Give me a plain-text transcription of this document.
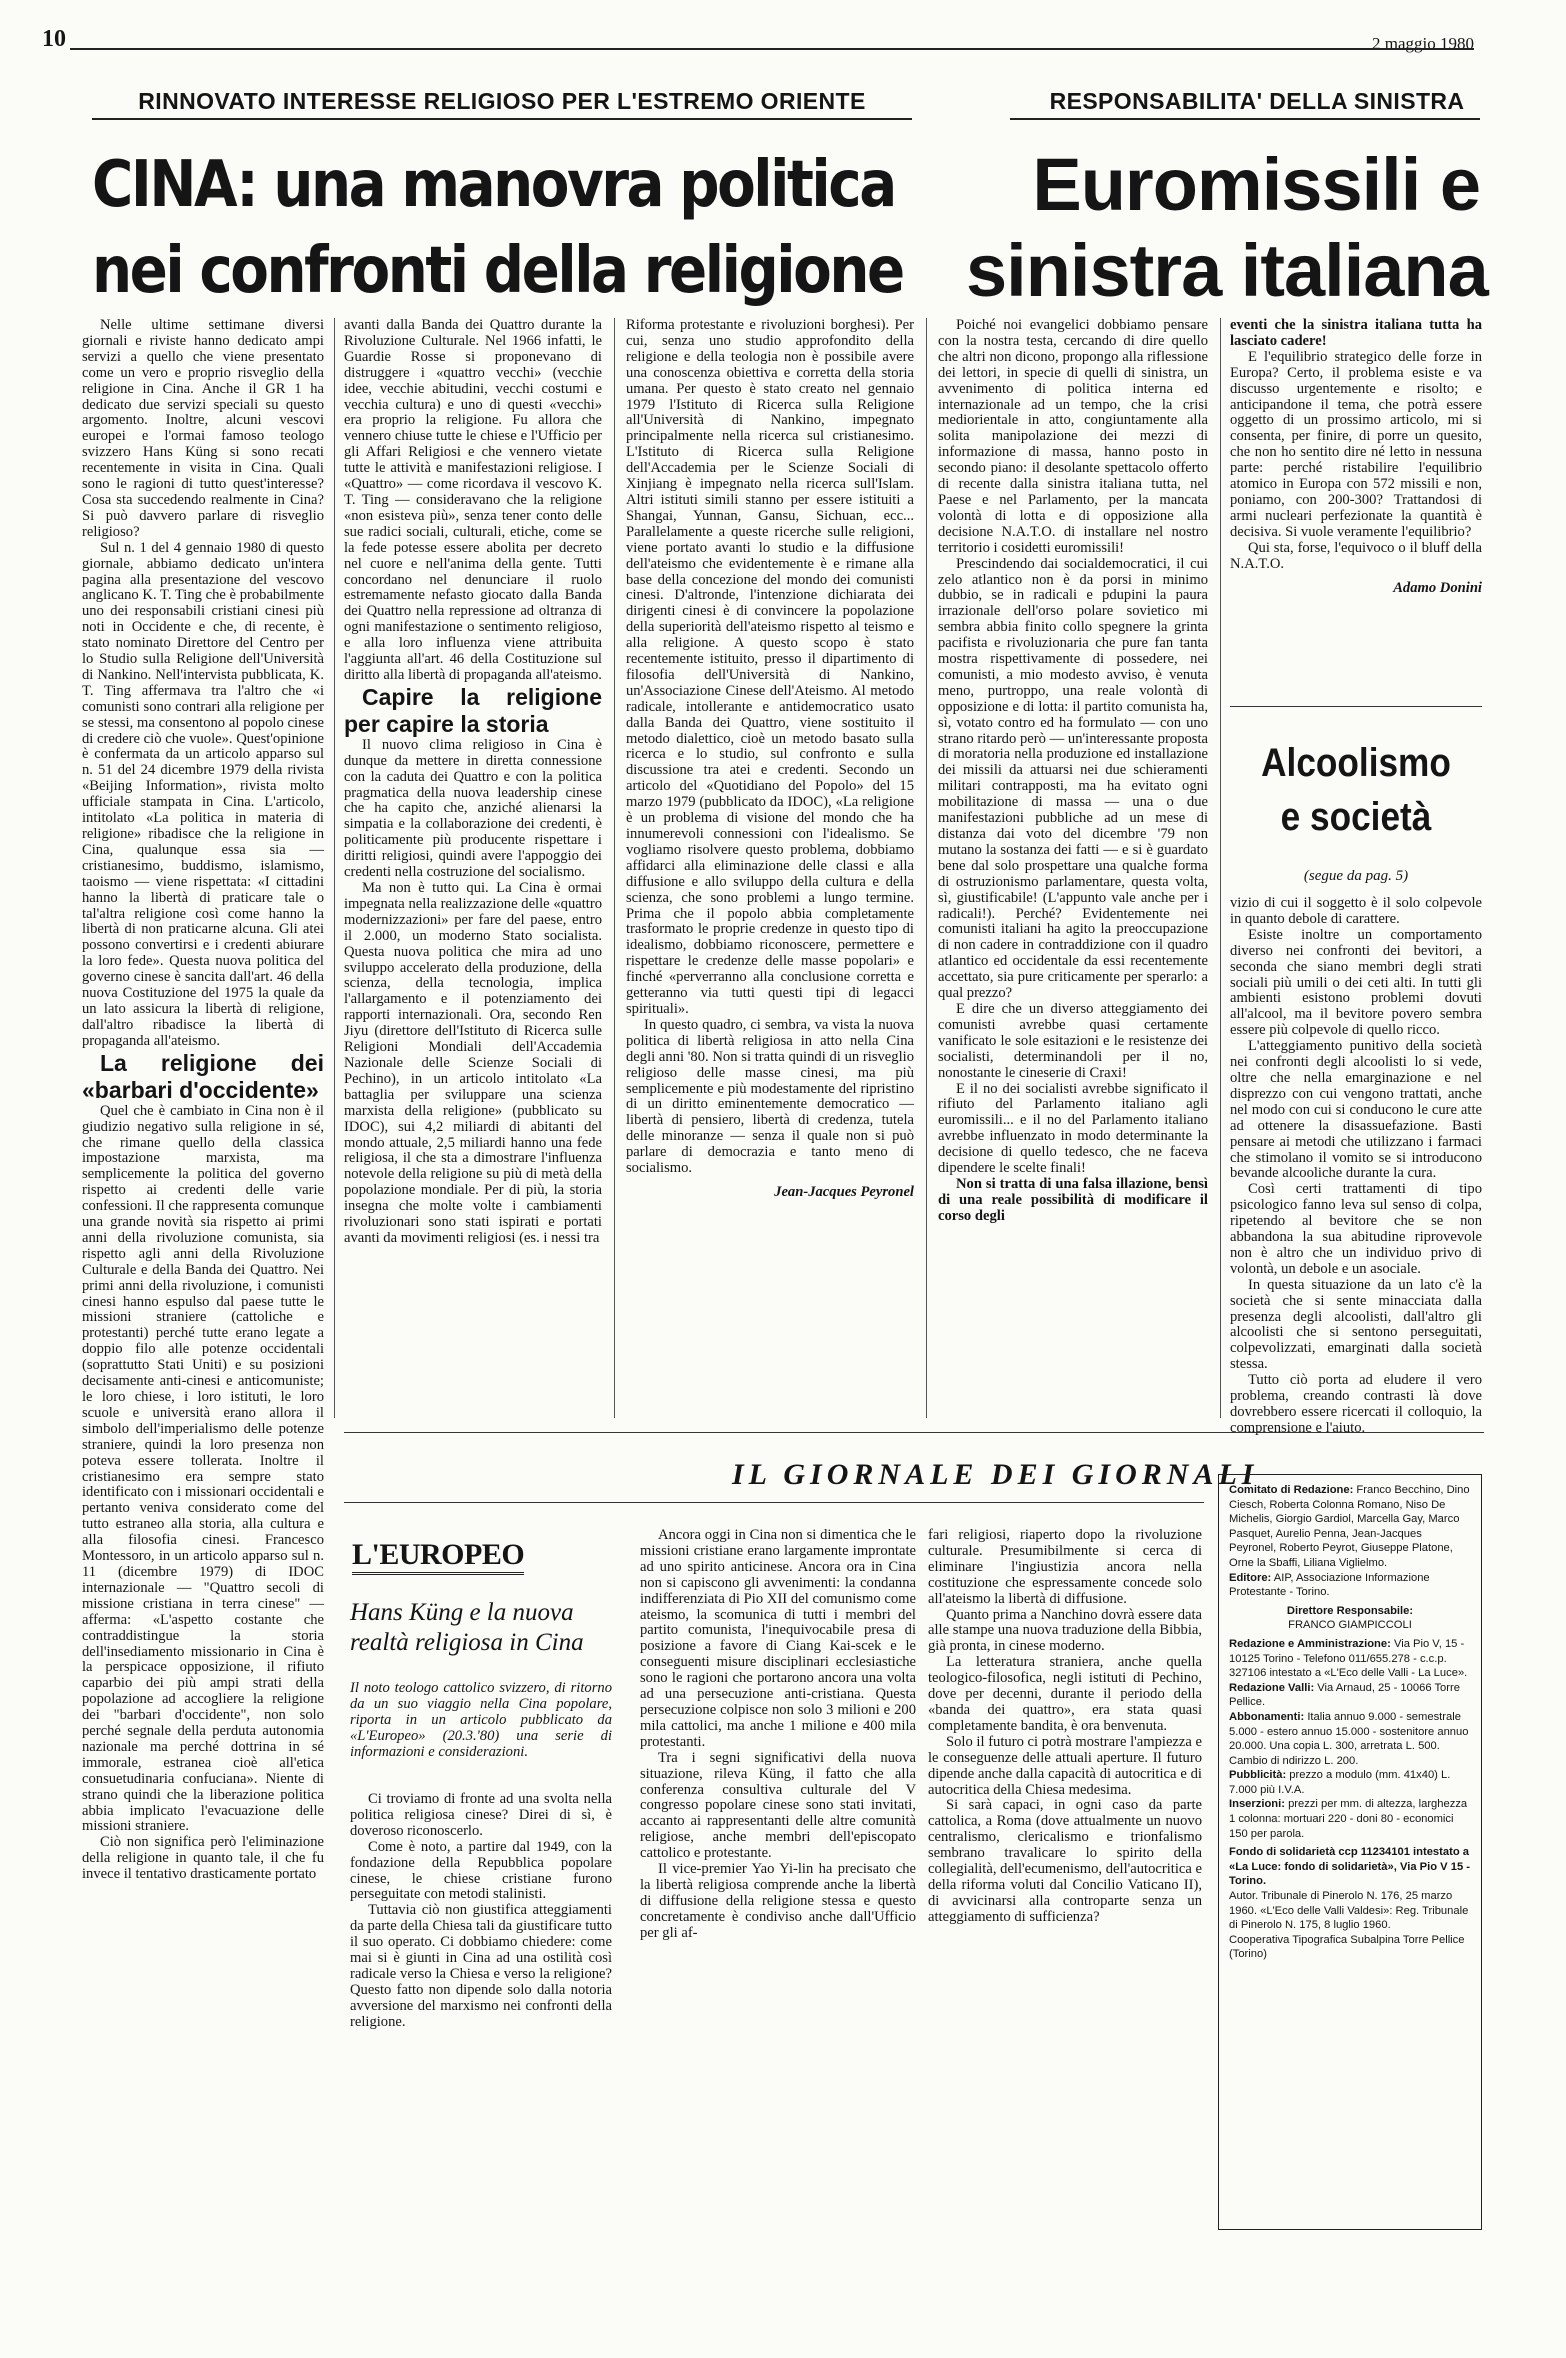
10	2 maggio 1980
RINNOVATO INTERESSE RELIGIOSO PER L'ESTREMO ORIENTE
CINA: una manovra politica
nei confronti della religione

Nelle ultime settimane diversi giornali e riviste hanno dedicato ampi servizi a quello che viene presentato come un vero e proprio risveglio della religione in Cina. Anche il GR 1 ha dedicato due servizi speciali su questo argomento. Inoltre, alcuni vescovi europei e l'ormai famoso teologo svizzero Hans Küng si sono recati recentemente in visita in Cina. Quali sono le ragioni di tutto quest'interesse? Cosa sta succedendo realmente in Cina? Si può davvero parlare di risveglio religioso?

Sul n. 1 del 4 gennaio 1980 di questo giornale, abbiamo dedicato un'intera pagina alla presentazione del vescovo anglicano K. T. Ting che è probabilmente uno dei responsabili cristiani cinesi più noti in Occidente e che, di recente, è stato nominato Direttore del Centro per lo Studio sulla Religione dell'Università di Nankino. Nell'intervista pubblicata, K. T. Ting affermava tra l'altro che «i comunisti sono contrari alla religione per se stessi, ma consentono al popolo cinese di credere ciò che vuole». Quest'opinione è confermata da un articolo apparso sul n. 51 del 24 dicembre 1979 della rivista «Beijing Information», rivista molto ufficiale stampata in Cina. L'articolo, intitolato «La politica in materia di religione» ribadisce che la religione in Cina, qualunque essa sia — cristianesimo, buddismo, islamismo, taoismo — viene rispettata: «I cittadini hanno la libertà di praticare tale o tal'altra religione così come hanno la libertà di non praticarne alcuna. Gli atei possono convertirsi e i credenti abiurare la loro fede». Questa nuova politica del governo cinese è sancita dall'art. 46 della nuova Costituzione del 1975 la quale da un lato assicura la libertà di religione, dall'altro ribadisce la libertà di propaganda all'ateismo.

La religione dei «barbari d'occidente»

Quel che è cambiato in Cina non è il giudizio negativo sulla religione in sé, che rimane quello della classica impostazione marxista, ma semplicemente la politica del governo rispetto ai credenti delle varie confessioni. Il che rappresenta comunque una grande novità sia rispetto ai primi anni della rivoluzione comunista, sia rispetto agli anni della Rivoluzione Culturale e della Banda dei Quattro. Nei primi anni della rivoluzione, i comunisti cinesi hanno espulso dal paese tutte le missioni straniere (cattoliche e protestanti) perché tutte erano legate a doppio filo alle potenze occidentali (soprattutto Stati Uniti) e su posizioni decisamente anti-cinesi e anticomuniste; le loro chiese, i loro istituti, le loro scuole e università erano allora il simbolo dell'imperialismo delle potenze straniere, quindi la loro presenza non poteva essere tollerata. Inoltre il cristianesimo era sempre stato identificato con i missionari occidentali e pertanto veniva considerato come del tutto estraneo alla storia, alla cultura e alla filosofia cinesi. Francesco Montessoro, in un articolo apparso sul n. 11 (dicembre 1979) di IDOC internazionale — "Quattro secoli di missione cristiana in terra cinese" — afferma: «L'aspetto costante che contraddistingue la storia dell'insediamento missionario in Cina è la perspicace opposizione, il rifiuto caparbio dei più ampi strati della popolazione ad accogliere la religione dei "barbari d'occidente", non solo perché segnale della perduta autonomia nazionale ma perché dottrina in sé immorale, estranea cioè all'etica consuetudinaria confuciana». Niente di strano quindi che la liberazione politica abbia implicato l'evacuazione delle missioni straniere.

Ciò non significa però l'eliminazione della religione in quanto tale, il che fu invece il tentativo drasticamente portato

avanti dalla Banda dei Quattro durante la Rivoluzione Culturale. Nel 1966 infatti, le Guardie Rosse si proponevano di distruggere i «quattro vecchi» (vecchie idee, vecchie abitudini, vecchi costumi e vecchia cultura) e uno di questi «vecchi» era proprio la religione. Fu allora che vennero chiuse tutte le chiese e l'Ufficio per gli Affari Religiosi e che vennero vietate tutte le attività e manifestazioni religiose. I «Quattro» — come ricordava il vescovo K. T. Ting — consideravano che la religione «non esisteva più», senza tener conto delle sue radici sociali, culturali, etiche, come se la fede potesse essere abolita per decreto nel cuore e nell'anima della gente. Tutti concordano nel denunciare il ruolo estremamente nefasto giocato dalla Banda dei Quattro nella repressione ad oltranza di ogni manifestazione o sentimento religioso, e alla loro influenza viene attribuita l'aggiunta all'art. 46 della Costituzione sul diritto alla libertà di propaganda all'ateismo.

Capire la religione per capire la storia

Il nuovo clima religioso in Cina è dunque da mettere in diretta connessione con la caduta dei Quattro e con la politica pragmatica della nuova leadership cinese che ha capito che, anziché alienarsi la simpatia e la collaborazione dei credenti, è politicamente più producente rispettare i diritti religiosi, quindi avere l'appoggio dei credenti nella costruzione del socialismo.

Ma non è tutto qui. La Cina è ormai impegnata nella realizzazione delle «quattro modernizzazioni» per fare del paese, entro il 2.000, un moderno Stato socialista. Questa nuova politica che mira ad uno sviluppo accelerato della produzione, della scienza, della tecnologia, implica l'allargamento e il potenziamento dei rapporti internazionali. Ora, secondo Ren Jiyu (direttore dell'Istituto di Ricerca sulle Religioni Mondiali dell'Accademia Nazionale delle Scienze Sociali di Pechino), in un articolo intitolato «La battaglia per sviluppare una scienza marxista della religione» (pubblicato su IDOC), sui 4,2 miliardi di abitanti del mondo attuale, 2,5 miliardi hanno una fede religiosa, il che sta a dimostrare l'influenza notevole della religione su più di metà della popolazione mondiale. Per di più, la storia insegna che molte volte i cambiamenti rivoluzionari sono stati ispirati e portati avanti da movimenti religiosi (es. i nessi tra

Riforma protestante e rivoluzioni borghesi). Per cui, senza uno studio approfondito della religione e della teologia non è possibile avere una conoscenza obiettiva e corretta della storia umana. Per questo è stato creato nel gennaio 1979 l'Istituto di Ricerca sulla Religione all'Università di Nankino, impegnato principalmente nella ricerca sul cristianesimo. L'Istituto di Ricerca sulla Religione dell'Accademia per le Scienze Sociali di Xinjiang è impegnato nella ricerca sull'Islam. Altri istituti simili stanno per essere istituiti a Shangai, Yunnan, Gansu, Sichuan, ecc... Parallelamente a queste ricerche sulle religioni, viene portato avanti lo studio e la diffusione dell'ateismo che evidentemente è e rimane alla base della concezione del mondo dei comunisti cinesi. D'altronde, l'intenzione dichiarata dei dirigenti cinesi è di convincere la popolazione della superiorità dell'ateismo rispetto al teismo e alla religione. A questo scopo è stato recentemente istituito, presso il dipartimento di filosofia dell'Università di Nankino, un'Associazione Cinese dell'Ateismo. Al metodo radicale, intollerante e antidemocratico usato dalla Banda dei Quattro, viene sostituito il metodo dialettico, cioè un metodo basato sulla ricerca e lo studio, sul confronto e sulla discussione tra atei e credenti. Secondo un articolo del «Quotidiano del Popolo» del 15 marzo 1979 (pubblicato da IDOC), «La religione è un problema di visione del mondo che ha innumerevoli connessioni con l'idealismo. Se vogliamo risolvere questo problema, dobbiamo affidarci alla eliminazione delle classi e alla diffusione e allo sviluppo della cultura e della scienza, che sono problemi a lungo termine. Prima che il popolo abbia completamente trasformato le proprie credenze in questo tipo di idealismo, dobbiamo riconoscere, permettere e rispettare le credenze delle masse popolari» e finché «perverranno alla conclusione corretta e getteranno via tutti questi tipi di legacci spirituali».

In questo quadro, ci sembra, va vista la nuova politica di libertà religiosa in atto nella Cina degli anni '80. Non si tratta quindi di un risveglio religioso delle masse cinesi, ma più semplicemente e più modestamente del ripristino di un diritto eminentemente democratico — libertà di pensiero, libertà di credenza, tutela delle minoranze — senza il quale non si può parlare di democrazia e tanto meno di socialismo.

Jean-Jacques Peyronel
RESPONSABILITA' DELLA SINISTRA
Euromissili e
sinistra italiana

Poiché noi evangelici dobbiamo pensare con la nostra testa, cercando di dire quello che altri non dicono, propongo alla riflessione dei lettori, in specie di quelli di sinistra, un avvenimento di politica interna ed internazionale ad un tempo, che la crisi mediorientale in atto, congiuntamente alla solita manipolazione dei mezzi di informazione di massa, hanno posto in secondo piano: il desolante spettacolo offerto di recente dalla sinistra italiana tutta, nel Paese e nel Parlamento, per la mancata volontà di lotta e di opposizione alla decisione N.A.T.O. di installare nel nostro territorio i cosidetti euromissili!

Prescindendo dai socialdemocratici, il cui zelo atlantico non è da porsi in minimo dubbio, se in radicali e pdupini la paura irrazionale dell'orso polare sovietico mi sembra abbia finito collo spegnere la grinta pacifista e rivoluzionaria che pure fan tanta mostra rispettivamente di possedere, nei comunisti, a mio modesto avviso, è venuta meno, purtroppo, una reale volontà di opposizione e di lotta: il partito comunista ha, sì, votato contro ed ha formulato — con uno strano ritardo però — un'interessante proposta di moratoria nella produzione ed installazione dei missili da attuarsi nei due schieramenti militari contrapposti, ma ha evitato ogni mobilitazione di massa — una o due manifestazioni pubbliche ad un mese di distanza dai voto del dicembre '79 non mutano la sostanza dei fatti — e si è guardato bene dal solo prospettare una qualche forma di ostruzionismo parlamentare, questa volta, sì, giustificabile! (L'appunto vale anche per i radicali!). Perché? Evidentemente nei comunisti italiani ha agito la preoccupazione di non cadere in contraddizione con il quadro atlantico ed occidentale da essi recentemente accettato, sia pure criticamente per sperarlo: a qual prezzo?

E dire che un diverso atteggiamento dei comunisti avrebbe quasi certamente vanificato le sole esitazioni e le resistenze dei socialisti, determinandoli per il no, nonostante le cineserie di Craxi!

E il no dei socialisti avrebbe significato il rifiuto del Parlamento italiano agli euromissili... e il no del Parlamento italiano avrebbe influenzato in modo determinante la decisione di quello tedesco, che ne faceva dipendere le scelte finali!

Non si tratta di una falsa illazione, bensì di una reale possibilità di modificare il corso degli

eventi che la sinistra italiana tutta ha lasciato cadere!

E l'equilibrio strategico delle forze in Europa? Certo, il problema esiste e va discusso urgentemente e risolto; e anticipandone il tema, che potrà essere oggetto di un prossimo articolo, mi si consenta, per finire, di porre un quesito, che non ho sentito dire né letto in nessuna parte: perché ristabilire l'equilibrio atomico in Europa con 572 missili e non, poniamo, con 200-300? Trattandosi di armi nucleari perfezionate la quantità è decisiva. Si vuole veramente l'equilibrio?

Qui sta, forse, l'equivoco o il bluff della N.A.T.O.

Adamo Donini
Alcoolismo
e società
(segue da pag. 5)

vizio di cui il soggetto è il solo colpevole in quanto debole di carattere.

Esiste inoltre un comportamento diverso nei confronti dei bevitori, a seconda che siano membri degli strati sociali più umili o dei ceti alti. In tutti gli ambienti esistono problemi dovuti all'alcool, ma il bevitore povero sembra essere più colpevole di quello ricco.

L'atteggiamento punitivo della società nei confronti degli alcoolisti lo si vede, oltre che nella emarginazione e nel disprezzo con cui vengono trattati, anche nel modo con cui si conducono le cure atte ad ottenere la disassuefazione. Basti pensare ai metodi che utilizzano i farmaci che stimolano il vomito se si introducono bevande alcooliche durante la cura.

Così certi trattamenti di tipo psicologico fanno leva sul senso di colpa, ripetendo al bevitore che se non abbandona la sua abitudine riprovevole non è altro che un individuo privo di volontà, un debole e un asociale.

In questa situazione da un lato c'è la società che si sente minacciata dalla presenza degli alcoolisti, dall'altro gli alcoolisti che si sentono perseguitati, colpevolizzati, emarginati dalla società stessa.

Tutto ciò porta ad eludere il vero problema, creando contrasti là dove dovrebbero essere ricercati il colloquio, la comprensione e l'aiuto.

IL GIORNALE DEI GIORNALI
L'EUROPEO
Hans Küng e la nuova realtà religiosa in Cina
Il noto teologo cattolico svizzero, di ritorno da un suo viaggio nella Cina popolare, riporta in un articolo pubblicato da «L'Europeo» (20.3.'80) una serie di informazioni e considerazioni.

Ci troviamo di fronte ad una svolta nella politica religiosa cinese? Direi di sì, è doveroso riconoscerlo.

Come è noto, a partire dal 1949, con la fondazione della Repubblica popolare cinese, le chiese cristiane furono perseguitate con metodi stalinisti.

Tuttavia ciò non giustifica atteggiamenti da parte della Chiesa tali da giustificare tutto il suo operato. Ci dobbiamo chiedere: come mai si è giunti in Cina ad una ostilità così radicale verso la Chiesa e verso la religione? Questo fatto non dipende solo dalla notoria avversione del marxismo nei confronti della religione.

Ancora oggi in Cina non si dimentica che le missioni cristiane erano largamente improntate ad uno spirito anticinese. Ancora ora in Cina non si capiscono gli avvenimenti: la condanna indifferenziata di Pio XII del comunismo come ateismo, la scomunica di tutti i membri del partito comunista, l'inequivocabile presa di posizione a favore di Ciang Kai-scek e le conseguenti misure disciplinari ecclesiastiche sono le ragioni che portarono ancora una volta ad una persecuzione anti-cristiana. Questa persecuzione colpisce non solo 3 milioni e 200 mila cattolici, ma anche 1 milione e 400 mila protestanti.

Tra i segni significativi della nuova situazione, rileva Küng, il fatto che alla conferenza consultiva culturale del V congresso popolare cinese sono stati invitati, accanto ai rappresentanti delle altre comunità religiose, anche membri dell'episcopato cattolico e protestante.

Il vice-premier Yao Yi-lin ha precisato che la libertà religiosa comprende anche la libertà di diffusione della religione stessa e questo concretamente è condiviso anche dall'Ufficio per gli af-

fari religiosi, riaperto dopo la rivoluzione culturale. Presumibilmente si cerca di eliminare l'ingiustizia ancora nella costituzione che espressamente concede solo all'ateismo la libertà di diffusione.

Quanto prima a Nanchino dovrà essere data alle stampe una nuova traduzione della Bibbia, già pronta, in cinese moderno.

La letteratura straniera, anche quella teologico-filosofica, negli istituti di Pechino, dove per decenni, durante il periodo della «banda dei quattro», era stata quasi completamente bandita, è ora benvenuta.

Solo il futuro ci potrà mostrare l'ampiezza e le conseguenze delle attuali aperture. Il futuro dipende anche dalla capacità di autocritica e di autocritica della Chiesa medesima.

Si sarà capaci, in ogni caso da parte cattolica, a Roma (dove attualmente un nuovo centralismo, clericalismo e trionfalismo sembrano travalicare lo spirito della collegialità, dell'ecumenismo, dell'autocritica e della riforma voluti dal Concilio Vaticano II), di avvicinarsi alla controparte senza un atteggiamento di sufficienza?

Comitato di Redazione: Franco Becchino, Dino Ciesch, Roberta Colonna Romano, Niso De Michelis, Giorgio Gardiol, Marcella Gay, Marco Pasquet, Aurelio Penna, Jean-Jacques Peyronel, Roberto Peyrot, Giuseppe Platone, Orne la Sbaffi, Liliana Viglielmo.

Editore: AIP, Associazione Informazione Protestante - Torino.

Direttore Responsabile:

FRANCO GIAMPICCOLI

Redazione e Amministrazione: Via Pio V, 15 - 10125 Torino - Telefono 011/655.278 - c.c.p. 327106 intestato a «L'Eco delle Valli - La Luce».

Redazione Valli: Via Arnaud, 25 - 10066 Torre Pellice.

Abbonamenti: Italia annuo 9.000 - semestrale 5.000 - estero annuo 15.000 - sostenitore annuo 20.000. Una copia L. 300, arretrata L. 500. Cambio di ndirizzo L. 200.

Pubblicità: prezzo a modulo (mm. 41x40) L. 7.000 più I.V.A.

Inserzioni: prezzi per mm. di altezza, larghezza 1 colonna: mortuari 220 - doni 80 - economici 150 per parola.

Fondo di solidarietà ccp 11234101 intestato a «La Luce: fondo di solidarietà», Via Pio V 15 - Torino.

Autor. Tribunale di Pinerolo N. 176, 25 marzo 1960. «L'Eco delle Valli Valdesi»: Reg. Tribunale di Pinerolo N. 175, 8 luglio 1960.

Cooperativa Tipografica Subalpina Torre Pellice (Torino)
